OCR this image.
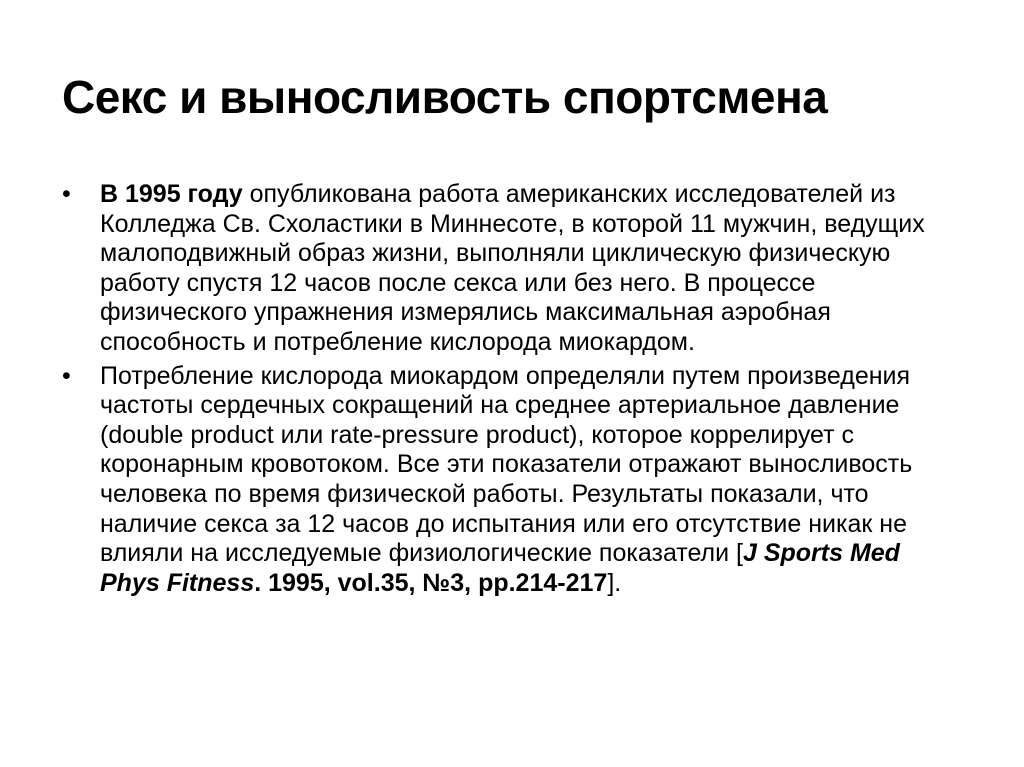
Секс и выносливость спортсмена
•	В 1995 году опубликована работа американских исследователей из Колледжа Св. Схоластики в Миннесоте, в которой 11 мужчин, ведущих малоподвижный образ жизни, выполняли циклическую физическую работу спустя 12 часов после секса или без него. В процессе физического упражнения измерялись максимальная аэробная способность и потребление кислорода миокардом.
•	Потребление кислорода миокардом определяли путем произведения частоты сердечных сокращений на среднее артериальное давление (double product или rate-pressure product), которое коррелирует с коронарным кровотоком. Все эти показатели отражают выносливость человека по время физической работы. Результаты показали, что наличие секса за 12 часов до испытания или его отсутствие никак не влияли на исследуемые физиологические показатели [J Sports Med Phys Fitness. 1995, vol.35, №3, pp.214-217].
